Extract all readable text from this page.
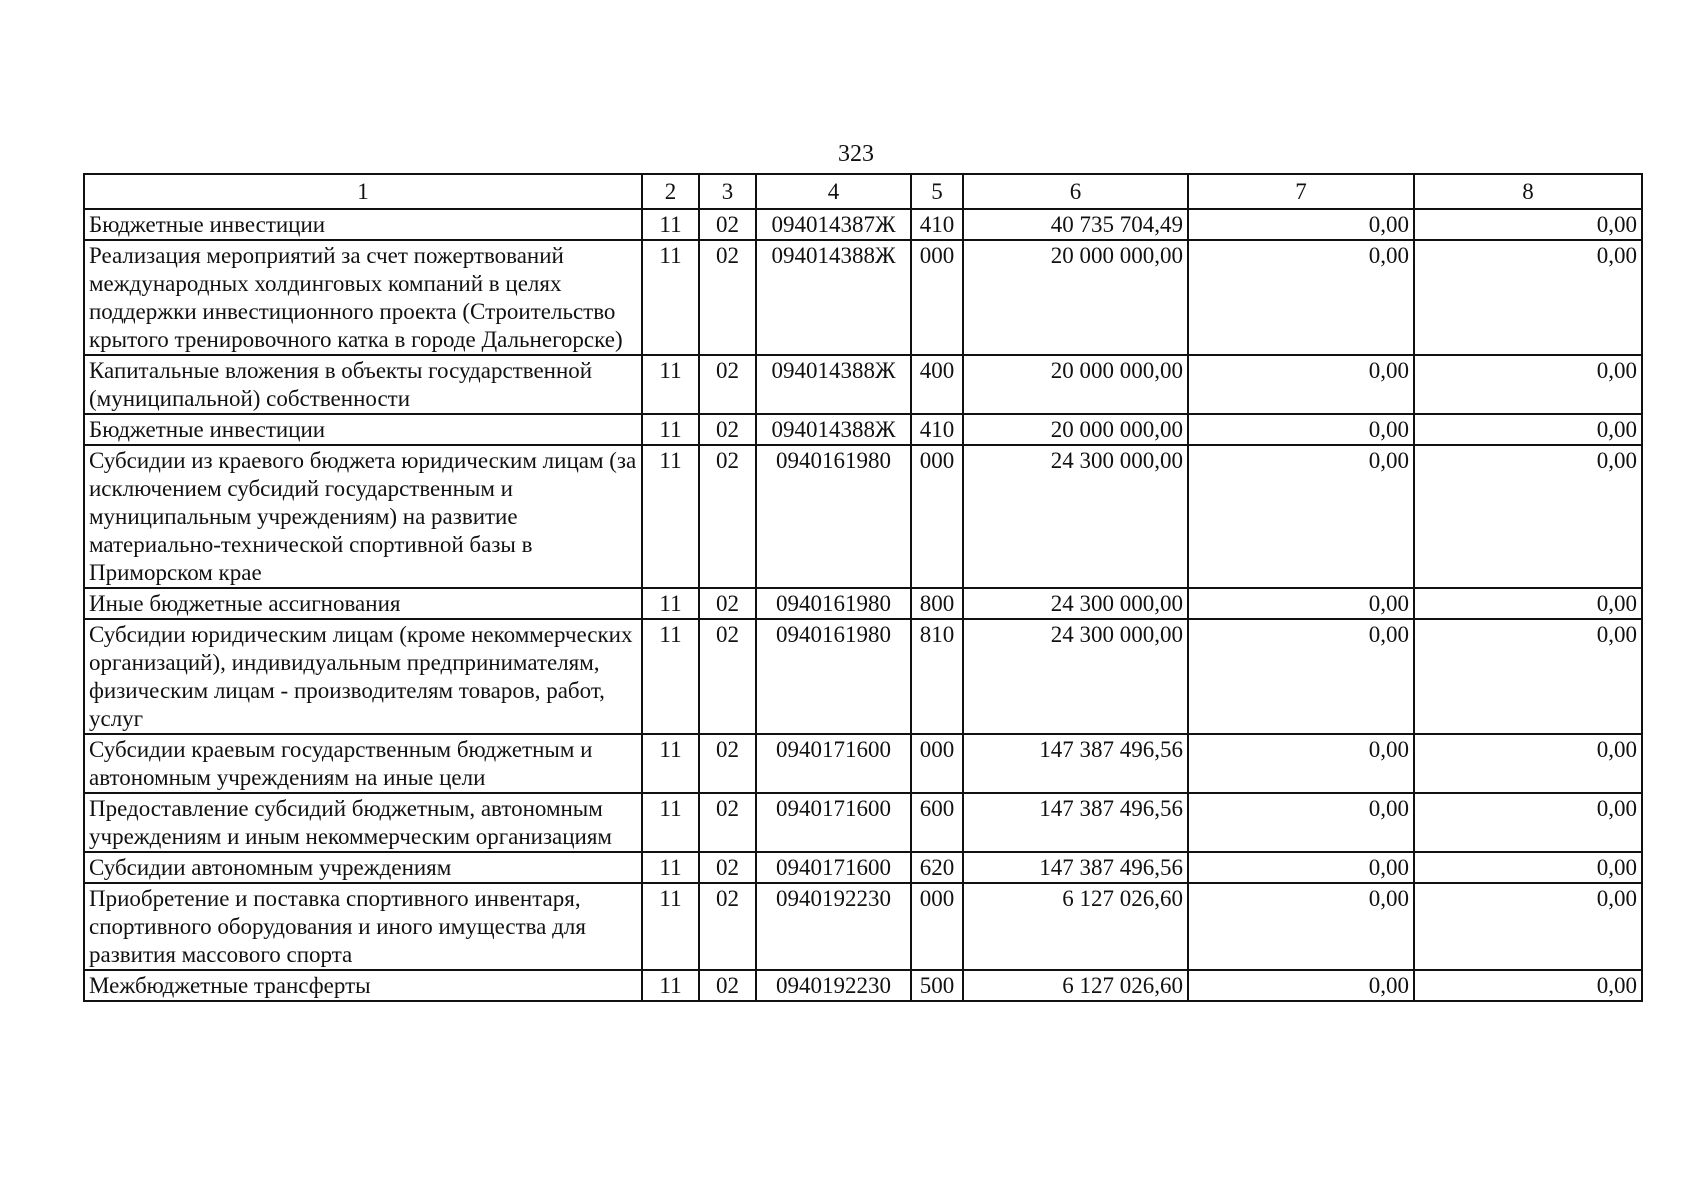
323
1	2	3	4	5	6	7	8
Бюджетные инвестиции	11	02	094014387Ж	410	40 735 704,49	0,00	0,00
Реализация мероприятий за счет пожертвований международных холдинговых компаний в целях поддержки инвестиционного проекта (Строительство крытого тренировочного катка в городе Дальнегорске)	11	02	094014388Ж	000	20 000 000,00	0,00	0,00
Капитальные вложения в объекты государственной (муниципальной) собственности	11	02	094014388Ж	400	20 000 000,00	0,00	0,00
Бюджетные инвестиции	11	02	094014388Ж	410	20 000 000,00	0,00	0,00
Субсидии из краевого бюджета юридическим лицам (за исключением субсидий государственным и муниципальным учреждениям) на развитие материально-технической спортивной базы в Приморском крае	11	02	0940161980	000	24 300 000,00	0,00	0,00
Иные бюджетные ассигнования	11	02	0940161980	800	24 300 000,00	0,00	0,00
Субсидии юридическим лицам (кроме некоммерческих организаций), индивидуальным предпринимателям, физическим лицам - производителям товаров, работ, услуг	11	02	0940161980	810	24 300 000,00	0,00	0,00
Субсидии краевым государственным бюджетным и автономным учреждениям на иные цели	11	02	0940171600	000	147 387 496,56	0,00	0,00
Предоставление субсидий бюджетным, автономным учреждениям и иным некоммерческим организациям	11	02	0940171600	600	147 387 496,56	0,00	0,00
Субсидии автономным учреждениям	11	02	0940171600	620	147 387 496,56	0,00	0,00
Приобретение и поставка спортивного инвентаря, спортивного оборудования и иного имущества для развития массового спорта	11	02	0940192230	000	6 127 026,60	0,00	0,00
Межбюджетные трансферты	11	02	0940192230	500	6 127 026,60	0,00	0,00
